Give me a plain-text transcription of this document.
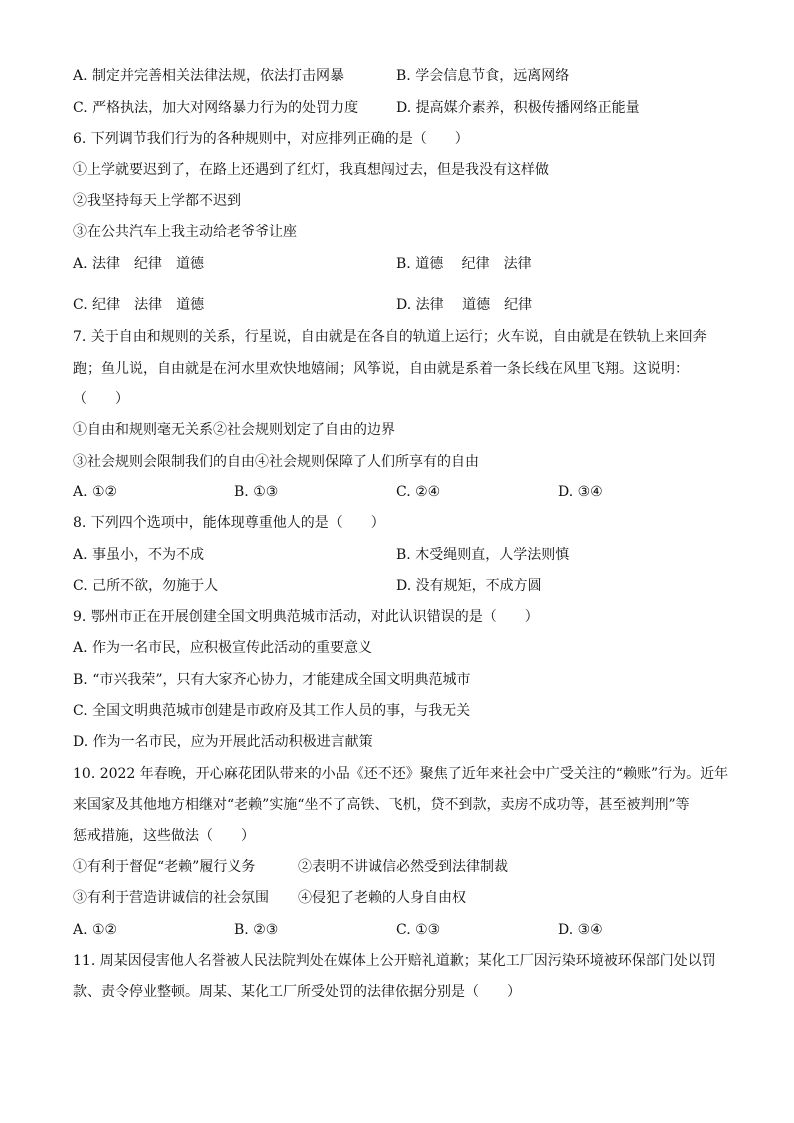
A. 制定并完善相关法律法规，依法打击网暴	B. 学会信息节食，远离网络
C. 严格执法，加大对网络暴力行为的处罚力度	D. 提高媒介素养，积极传播网络正能量
6. 下列调节我们行为的各种规则中，对应排列正确的是（　　）
①上学就要迟到了，在路上还遇到了红灯，我真想闯过去，但是我没有这样做
②我坚持每天上学都不迟到
③在公共汽车上我主动给老爷爷让座
A. 法律　纪律　道德	B. 道德　 纪律　法律
C. 纪律　法律　道德	D. 法律　 道德　纪律
7. 关于自由和规则的关系，行星说，自由就是在各自的轨道上运行；火车说，自由就是在铁轨上来回奔
跑；鱼儿说，自由就是在河水里欢快地嬉闹；风筝说，自由就是系着一条长线在风里飞翔。这说明：
（　　）
①自由和规则毫无关系②社会规则划定了自由的边界
③社会规则会限制我们的自由④社会规则保障了人们所享有的自由
A. ①②	B. ①③	C. ②④	D. ③④
8. 下列四个选项中，能体现尊重他人的是（　　）
A. 事虽小，不为不成	B. 木受绳则直，人学法则慎
C. 己所不欲，勿施于人	D. 没有规矩，不成方圆
9. 鄂州市正在开展创建全国文明典范城市活动，对此认识错误的是（　　）
A. 作为一名市民，应积极宣传此活动的重要意义
B. “市兴我荣”，只有大家齐心协力，才能建成全国文明典范城市
C. 全国文明典范城市创建是市政府及其工作人员的事，与我无关
D. 作为一名市民，应为开展此活动积极进言献策
10. 2022 年春晚，开心麻花团队带来的小品《还不还》聚焦了近年来社会中广受关注的“赖账”行为。近年
来国家及其他地方相继对“老赖”实施“坐不了高铁、飞机，贷不到款，卖房不成功等，甚至被判刑”等
惩戒措施，这些做法（　　）
①有利于督促“老赖”履行义务	②表明不讲诚信必然受到法律制裁
③有利于营造讲诚信的社会氛围 ④侵犯了老赖的人身自由权
A. ①②	B. ②③	C. ①③	D. ③④
11. 周某因侵害他人名誉被人民法院判处在媒体上公开赔礼道歉；某化工厂因污染环境被环保部门处以罚
款、责令停业整顿。周某、某化工厂所受处罚的法律依据分别是（　　）
